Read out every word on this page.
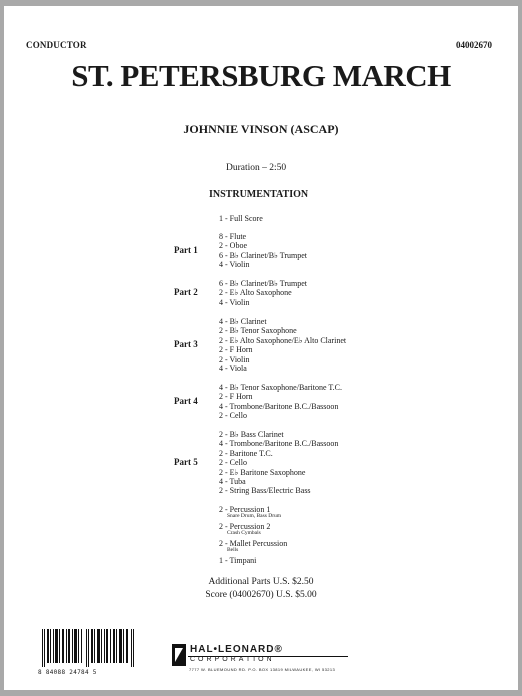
CONDUCTOR	04002670
ST. PETERSBURG MARCH
JOHNNIE VINSON (ASCAP)
Duration – 2:50
INSTRUMENTATION
1 - Full Score
8 - Flute
2 - Oboe
6 - B♭ Clarinet/B♭ Trumpet
4 - Violin
Part 1
6 - B♭ Clarinet/B♭ Trumpet
2 - E♭ Alto Saxophone
4 - Violin
Part 2
4 - B♭ Clarinet
2 - B♭ Tenor Saxophone
2 - E♭ Alto Saxophone/E♭ Alto Clarinet
2 - F Horn
2 - Violin
4 - Viola
Part 3
4 - B♭ Tenor Saxophone/Baritone T.C.
2 - F Horn
4 - Trombone/Baritone B.C./Bassoon
2 - Cello
Part 4
2 - B♭ Bass Clarinet
4 - Trombone/Baritone B.C./Bassoon
2 - Baritone T.C.
2 - Cello
2 - E♭ Baritone Saxophone
4 - Tuba
2 - String Bass/Electric Bass
Part 5
2 - Percussion 1
Snare Drum, Bass Drum
2 - Percussion 2
Crash Cymbals
2 - Mallet Percussion
Bells
1 - Timpani
Additional Parts U.S. $2.50
Score (04002670) U.S. $5.00
8 84088 24784 5
HAL•LEONARD®
CORPORATION
7777 W. BLUEMOUND RD. P.O. BOX 13819 MILWAUKEE, WI 53213
